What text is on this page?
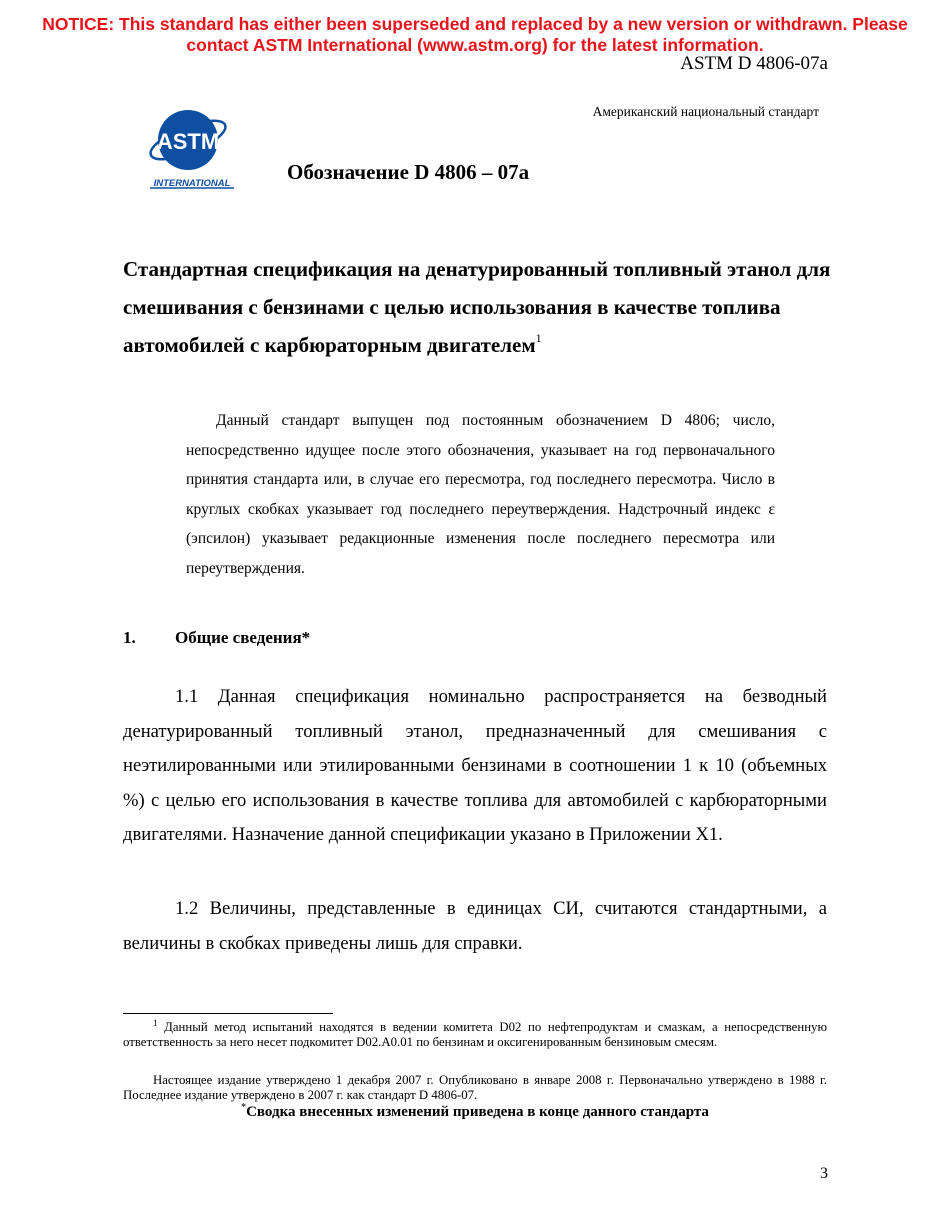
NOTICE: This standard has either been superseded and replaced by a new version or withdrawn. Please
contact ASTM International (www.astm.org) for the latest information.
ASTM D 4806-07a
Американский национальный стандарт
ASTM
INTERNATIONAL	Обозначение D 4806 – 07a
Стандартная спецификация на денатурированный топливный этанол для смешивания с бензинами с целью использования в качестве топлива автомобилей с карбюраторным двигателем$^1$
Данный стандарт выпущен под постоянным обозначением D 4806; число, непосредственно идущее после этого обозначения, указывает на год первоначального принятия стандарта или, в случае его пересмотра, год последнего пересмотра. Число в круглых скобках указывает год последнего переутверждения. Надстрочный индекс ε (эпсилон) указывает редакционные изменения после последнего пересмотра или переутверждения.
1. Общие сведения*
1.1 Данная спецификация номинально распространяется на безводный денатурированный топливный этанол, предназначенный для смешивания с неэтилированными или этилированными бензинами в соотношении 1 к 10 (объемных %) с целью его использования в качестве топлива для автомобилей с карбюраторными двигателями. Назначение данной спецификации указано в Приложении X1.
1.2 Величины, представленные в единицах СИ, считаются стандартными, а величины в скобках приведены лишь для справки.
$^1$ Данный метод испытаний находятся в ведении комитета D02 по нефтепродуктам и смазкам, а непосредственную ответственность за него несет подкомитет D02.A0.01 по бензинам и оксигенированным бензиновым смесям.
Настоящее издание утверждено 1 декабря 2007 г. Опубликовано в январе 2008 г. Первоначально утверждено в 1988 г. Последнее издание утверждено в 2007 г. как стандарт D 4806-07.
*Сводка внесенных изменений приведена в конце данного стандарта
3
